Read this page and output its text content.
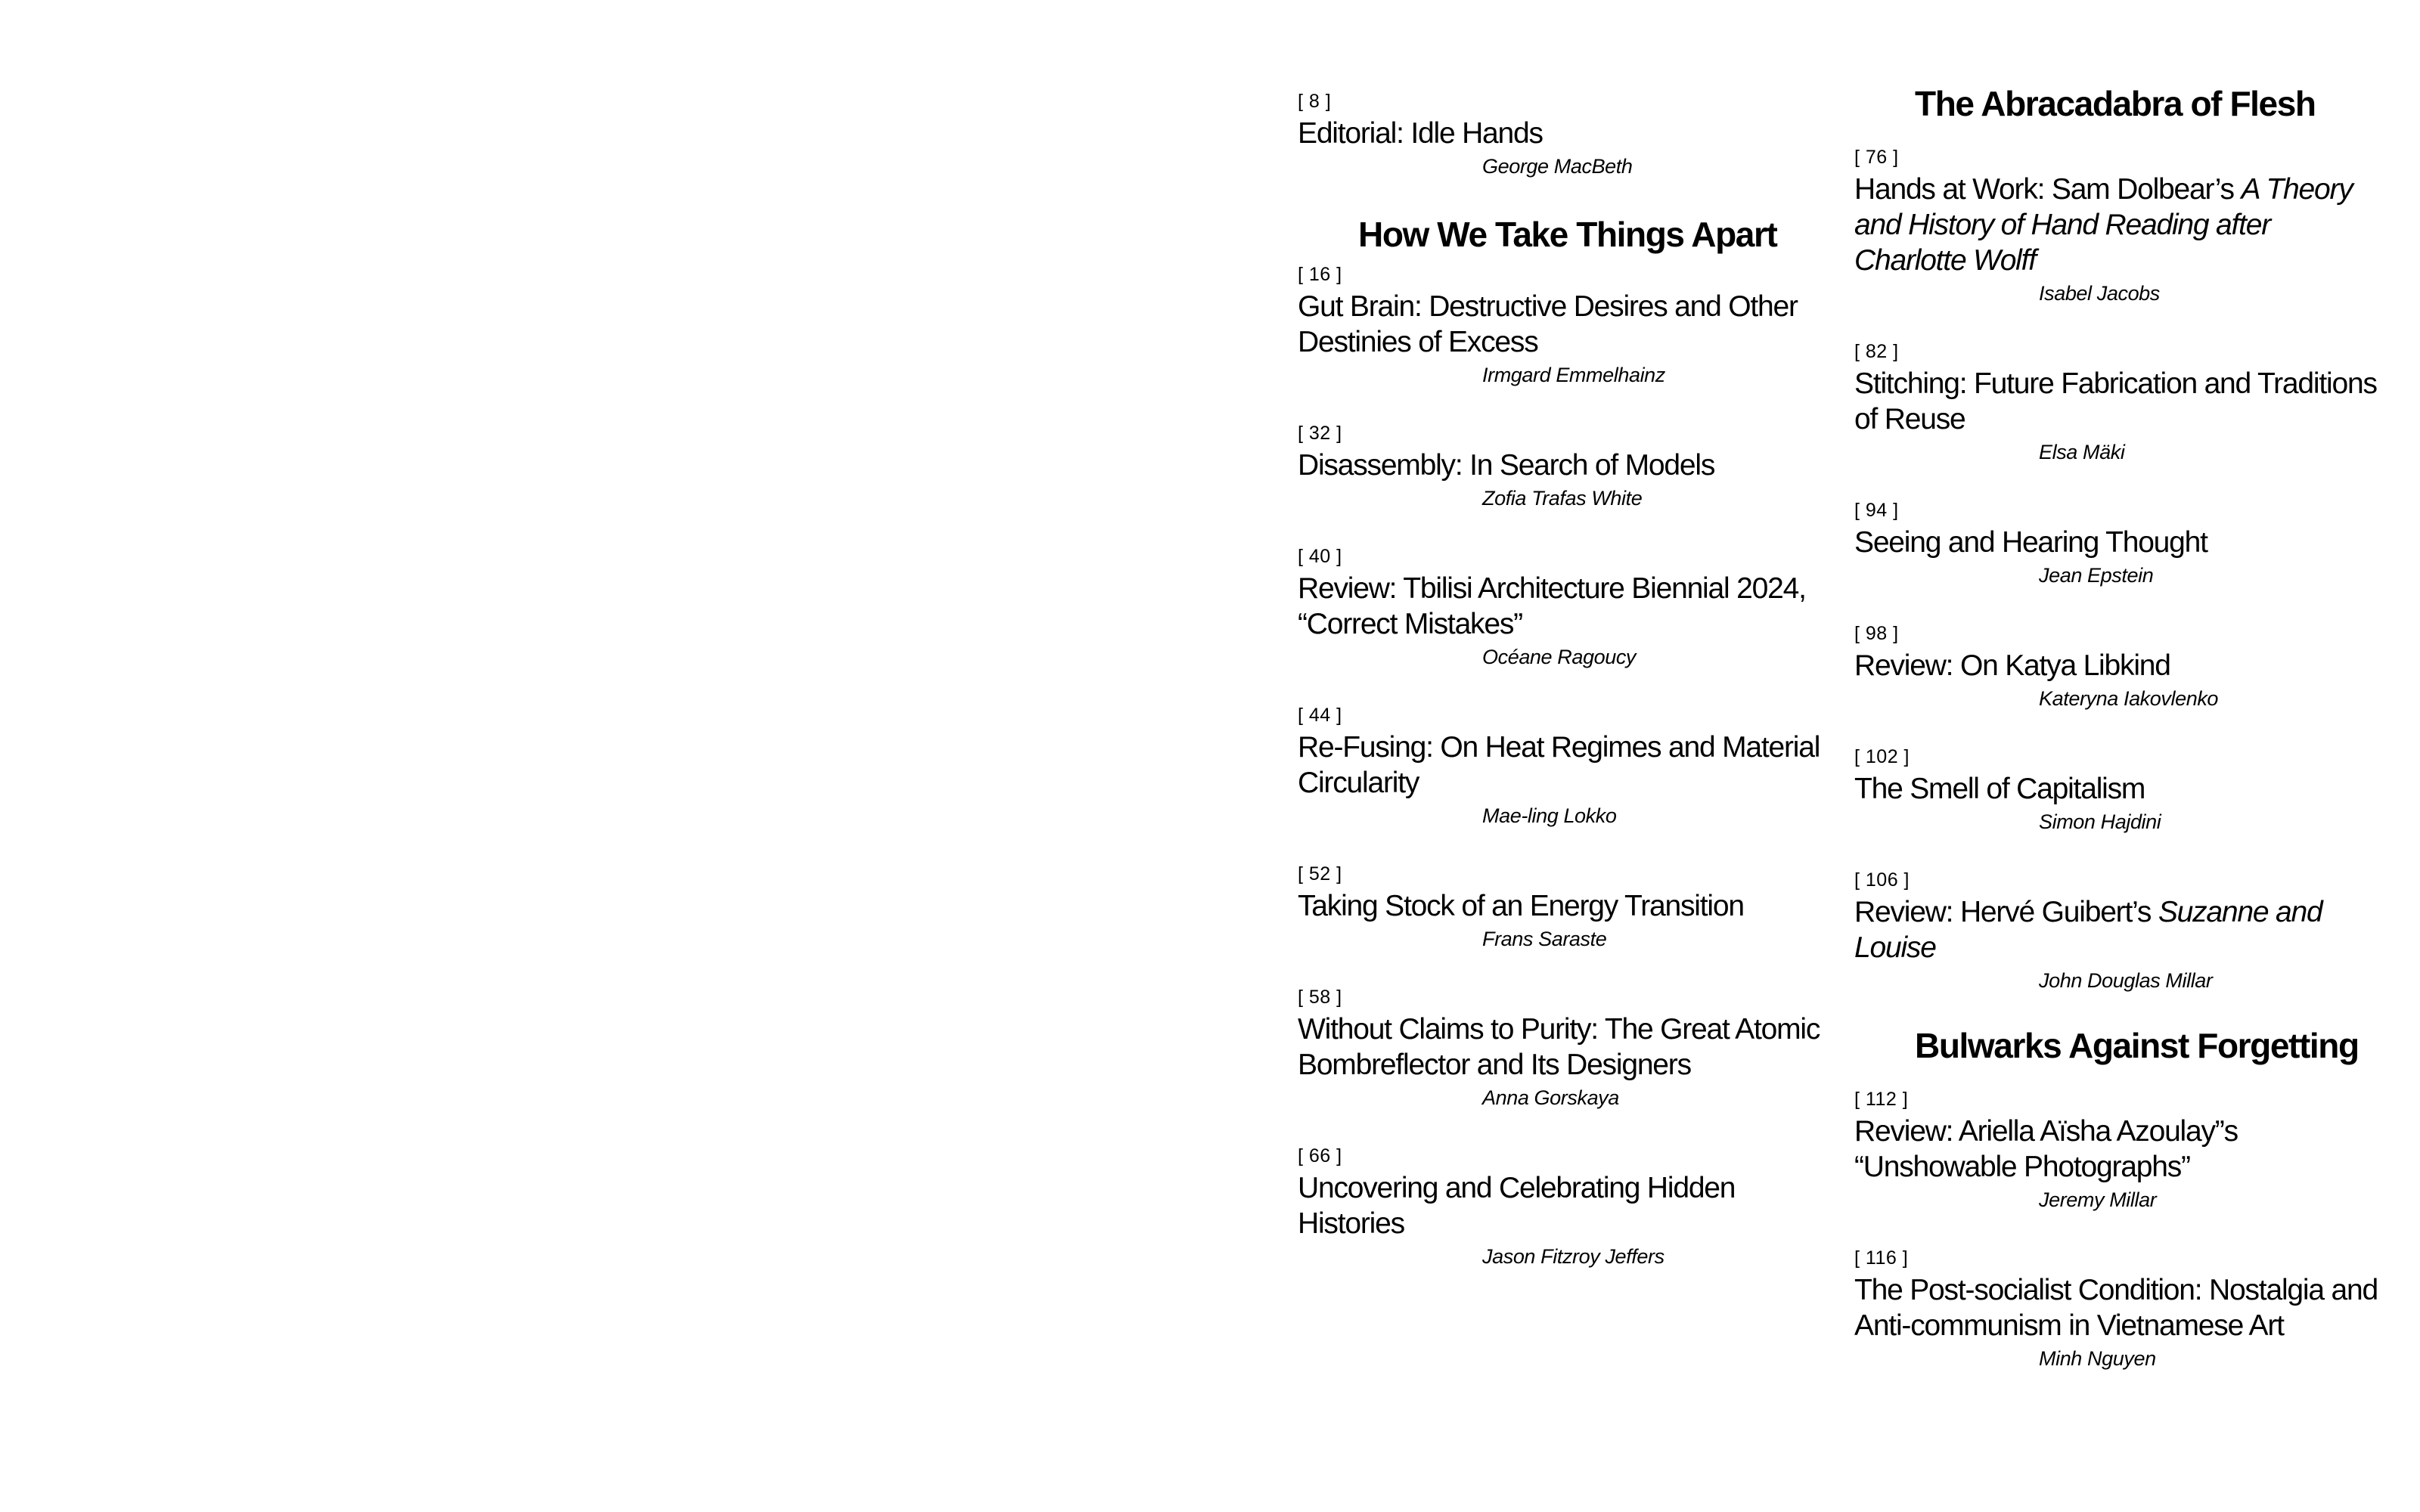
[ 8 ]
Editorial: Idle Hands
George MacBeth
How We Take Things Apart
[ 16 ]
Gut Brain: Destructive Desires and Other Destinies of Excess
Irmgard Emmelhainz
[ 32 ]
Disassembly: In Search of Models
Zofia Trafas White
[ 40 ]
Review: Tbilisi Architecture Biennial 2024, “Correct Mistakes”
Océane Ragoucy
[ 44 ]
Re-Fusing: On Heat Regimes and Material Circularity
Mae-ling Lokko
[ 52 ]
Taking Stock of an Energy Transition
Frans Saraste
[ 58 ]
Without Claims to Purity: The Great Atomic Bombreflector and Its Designers
Anna Gorskaya
[ 66 ]
Uncovering and Celebrating Hidden Histories
Jason Fitzroy Jeffers
The Abracadabra of Flesh
[ 76 ]
Hands at Work: Sam Dolbear’s A Theory and History of Hand Reading after Charlotte Wolff
Isabel Jacobs
[ 82 ]
Stitching: Future Fabrication and Traditions of Reuse
Elsa Mäki
[ 94 ]
Seeing and Hearing Thought
Jean Epstein
[ 98 ]
Review: On Katya Libkind
Kateryna Iakovlenko
[ 102 ]
The Smell of Capitalism
Simon Hajdini
[ 106 ]
Review: Hervé Guibert’s Suzanne and Louise
John Douglas Millar
Bulwarks Against Forgetting
[ 112 ]
Review: Ariella Aïsha Azoulay”s “Unshowable Photographs”
Jeremy Millar
[ 116 ]
The Post-socialist Condition: Nostalgia and Anti-communism in Vietnamese Art
Minh Nguyen
